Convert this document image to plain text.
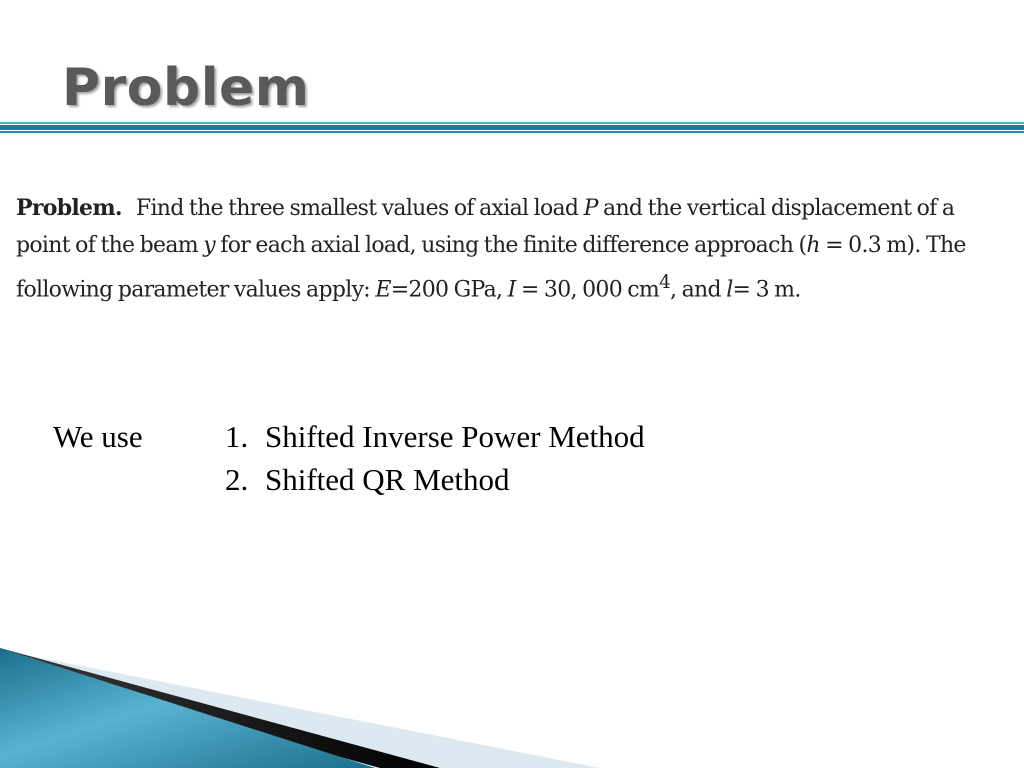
Problem

Problem. Find the three smallest values of axial load P and the vertical displacement of a point of the beam y for each axial load, using the finite difference approach (h = 0.3 m). The following parameter values apply: E=200 GPa, I = 30, 000 $cm^4$, and l= 3 m.

We use	1. Shifted Inverse Power Method
2. Shifted QR Method
